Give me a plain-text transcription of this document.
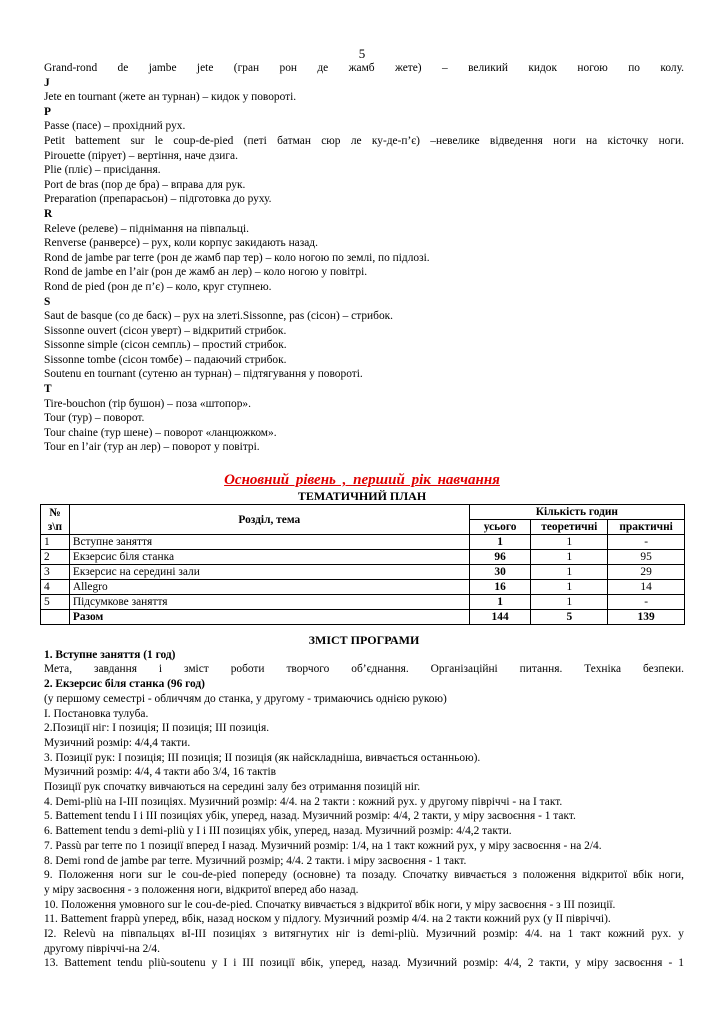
5
Grand-rond de jambe jete (гран рон де жамб жете) – великий кидок ногою по колу.
J
Jete en tournant (жете ан турнан) – кидок у повороті.
P
Passe (пасе) – прохідний рух.
Petit battement sur le coup-de-pied (петі батман сюр ле ку-де-п’є) –невелике відведення ноги на кісточку ноги.
Pirouette (пірует) – вертіння, наче дзига.
Plie (пліє) – присідання.
Port de bras (пор де бра) – вправа для рук.
Preparation (препарасьон) – підготовка до руху.
R
Releve (релеве) – піднімання на півпальці.
Renverse (ранверсе) – рух, коли корпус закидають назад.
Rond de jambe par terre (рон де жамб пар тер) – коло ногою по землі, по підлозі.
Rond de jambe en l’air (рон де жамб ан лер) – коло ногою у повітрі.
Rond de pied (рон де п’є) – коло, круг ступнею.
S
Saut de basque (со де баск) – рух на злеті.Sissonne, pas (сісон) – стрибок.
Sissonne ouvert (сісон уверт) – відкритий стрибок.
Sissonne simple (сісон семпль) – простий стрибок.
Sissonne tombe (сісон томбе) – падаючий стрибок.
Soutenu en tournant (сутеню ан турнан) – підтягування у повороті.
T
Tire-bouchon (тір бушон) – поза «штопор».
Tour (тур) – поворот.
Tour chaine (тур шене) – поворот «ланцюжком».
Tour en l’air (тур ан лер) – поворот у повітрі.
Основний рівень , перший рік навчання
ТЕМАТИЧНИЙ ПЛАН
№ з\п	Розділ, тема	Кількість годин		
		усього	теоретичні	практичні
1	Вступне заняття	1	1	-
2	Екзерсис біля станка	96	1	95
3	Екзерсис на середині зали	30	1	29
4	Allegro	16	1	14
5	Підсумкове заняття	1	1	-
	Разом	144	5	139
ЗМІСТ ПРОГРАМИ
1. Вступне заняття (1 год)
Мета, завдання і зміст роботи творчого об’єднання. Організаційні питання. Техніка безпеки.
2. Екзерсис біля станка (96 год)
(у першому семестрі - обличчям до станка, у другому - тримаючись однією рукою)
І. Постановка тулуба.
2.Позиції ніг: I позиція; II позиція; ІІІ позиція.
Музичний розмір: 4/4,4 такти.
3. Позиції рук: I позиція; III позиція; II позиція (як найскладніша, вивчається останньою).
Музичний розмір: 4/4, 4 такти або 3/4, 16 тактів
Позиції рук спочатку вивчаються на середині залу без отримання позицій ніг.
4. Demi-pliù на I-III позиціях. Музичний розмір: 4/4. на 2 такти : кожний рух. у другому півріччі - на I такт.
5. Battement tendu I і III позиціях убік, уперед, назад. Музичний розмір: 4/4, 2 такти, у міру засвоєння - 1 такт.
6. Battement tendu з demi-pliù у I і III позиціях убік, уперед, назад. Музичний розмір: 4/4,2 такти.
7. Passù par terre по 1 позиції вперед I назад. Музичний розмір: 1/4, на 1 такт кожний рух, у міру засвоєння - на 2/4.
8. Demi rond de jambe par terre. Музичний розмір; 4/4. 2 такти. і міру засвоєння - 1 такт.
9. Положення ноги sur le cou-de-pied попереду (основне) та позаду. Спочатку вивчається з положення відкритої вбік ноги,
у міру засвоєння - з положення ноги, відкритої вперед або назад.
10. Положення умовного sur le cou-de-pied. Спочатку вивчається з відкритої вбік ноги, у міру засвоєння - з III позиції.
11. Battement frappù уперед, вбік, назад носком у підлогу. Музичний розмір 4/4. на 2 такти кожний рух (у II півріччі).
I2. Relevù на півпальцях вІ-III позиціях з витягнутих ніг із demi-pliù. Музичний розмір: 4/4. на 1 такт кожний рух. у
другому півріччі-на 2/4.
13. Battement tendu pliù-soutenu у I і III позиції вбік, уперед, назад. Музичний розмір: 4/4, 2 такти, у міру засвоєння - 1
